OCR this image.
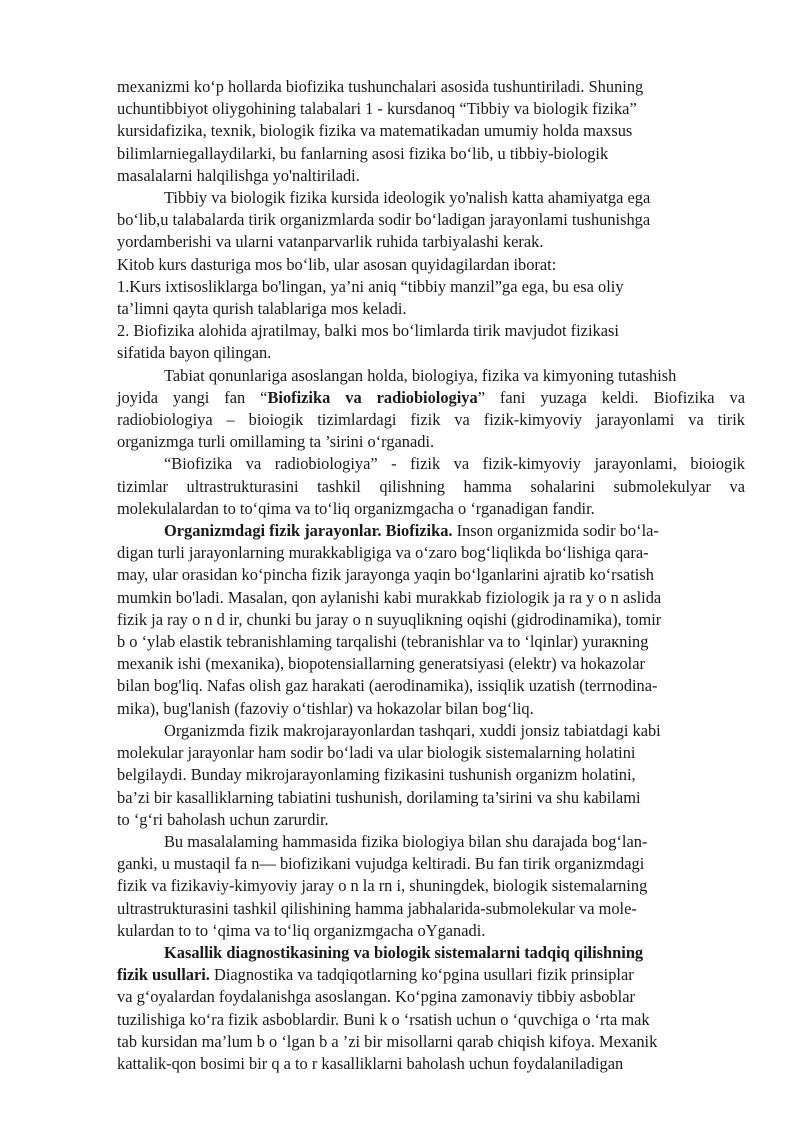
mexanizmi ko‘p hollarda biofizika tushunchalari asosida tushuntiriladi. Shuning
uchuntibbiyot oliygohining talabalari 1 - kursdanoq “Tibbiy va biologik fizika”
kursidafizika, texnik, biologik fizika va matematikadan umumiy holda maxsus
bilimlarniegallaydilarki, bu fanlarning asosi fizika bo‘lib, u tibbiy-biologik
masalalarni halqilishga yo'naltiriladi.
Tibbiy va biologik fizika kursida ideologik yo'nalish katta ahamiyatga ega
bo‘lib,u talabalarda tirik organizmlarda sodir bo‘ladigan jarayonlami tushunishga
yordamberishi va ularni vatanparvarlik ruhida tarbiyalashi kerak.
Kitob kurs dasturiga mos bo‘lib, ular asosan quyidagilardan iborat:
1.Kurs ixtisosliklarga bo'lingan, ya’ni aniq “tibbiy manzil”ga ega, bu esa oliy
ta’limni qayta qurish talablariga mos keladi.
2. Biofizika alohida ajratilmay, balki mos bo‘limlarda tirik mavjudot fizikasi
sifatida bayon qilingan.
Tabiat qonunlariga asoslangan holda, biologiya, fizika va kimyoning tutashish
joyida yangi fan “Biofizika va radiobiologiya” fani yuzaga keldi. Biofizika va
radiobiologiya – bioiogik tizimlardagi fizik va fizik-kimyoviy jarayonlami va tirik
organizmga turli omillaming ta ’sirini o‘rganadi.
“Biofizika va radiobiologiya” - fizik va fizik-kimyoviy jarayonlami, bioiogik
tizimlar ultrastrukturasini tashkil qilishning hamma sohalarini submolekulyar va
molekulalardan to to‘qima va to‘liq organizmgacha o ‘rganadigan fandir.
Organizmdagi fizik jarayonlar. Biofizika. Inson organizmida sodir bo‘la-
digan turli jarayonlarning murakkabligiga va o‘zaro bog‘liqlikda bo‘lishiga qara-
may, ular orasidan ko‘pincha fizik jarayonga yaqin bo‘lganlarini ajratib ko‘rsatish
mumkin bo'ladi. Masalan, qon aylanishi kabi murakkab fiziologik ja ra y o n aslida
fizik ja ray o n d ir, chunki bu jaray o n suyuqlikning oqishi (gidrodinamika), tomir
b o ‘ylab elastik tebranishlaming tarqalishi (tebranishlar va to ‘lqinlar) yurакning
mexanik ishi (mexanika), biopotensiallarning generatsiyasi (elektr) va hokazolar
bilan bog'liq. Nafas olish gaz harakati (aerodinamika), issiqlik uzatish (terrnodina-
mika), bug'lanish (fazoviy o‘tishlar) va hokazolar bilan bog‘liq.
Organizmda fizik makrojarayonlardan tashqari, xuddi jonsiz tabiatdagi kabi
molekular jarayonlar ham sodir bo‘ladi va ular biologik sistemalarning holatini
belgilaydi. Bunday mikrojarayonlaming fizikasini tushunish organizm holatini,
ba’zi bir kasalliklarning tabiatini tushunish, dorilaming ta’sirini va shu kabilami
to ‘g‘ri baholash uchun zarurdir.
Bu masalalaming hammasida fizika biologiya bilan shu darajada bog‘lan-
ganki, u mustaqil fa n— biofizikani vujudga keltiradi. Bu fan tirik organizmdagi
fizik va fizikaviy-kimyoviy jaray o n la rn i, shuningdek, biologik sistemalarning
ultrastrukturasini tashkil qilishining hamma jabhalarida-submolekular va mole-
kulardan to to ‘qima va to‘liq organizmgacha oYganadi.
Kasallik diagnostikasining va biologik sistemalarni tadqiq qilishning
fizik usullari. Diagnostika va tadqiqotlarning ko‘pgina usullari fizik prinsiplar
va g‘oyalardan foydalanishga asoslangan. Ko‘pgina zamonaviy tibbiy asboblar
tuzilishiga ko‘ra fizik asboblardir. Buni k o ‘rsatish uchun o ‘quvchiga o ‘rta mak
tab kursidan ma’lum b o ‘lgan b a ’zi bir misollarni qarab chiqish kifoya. Mexanik
kattalik-qon bosimi bir q a to r kasalliklarni baholash uchun foydalaniladigan
